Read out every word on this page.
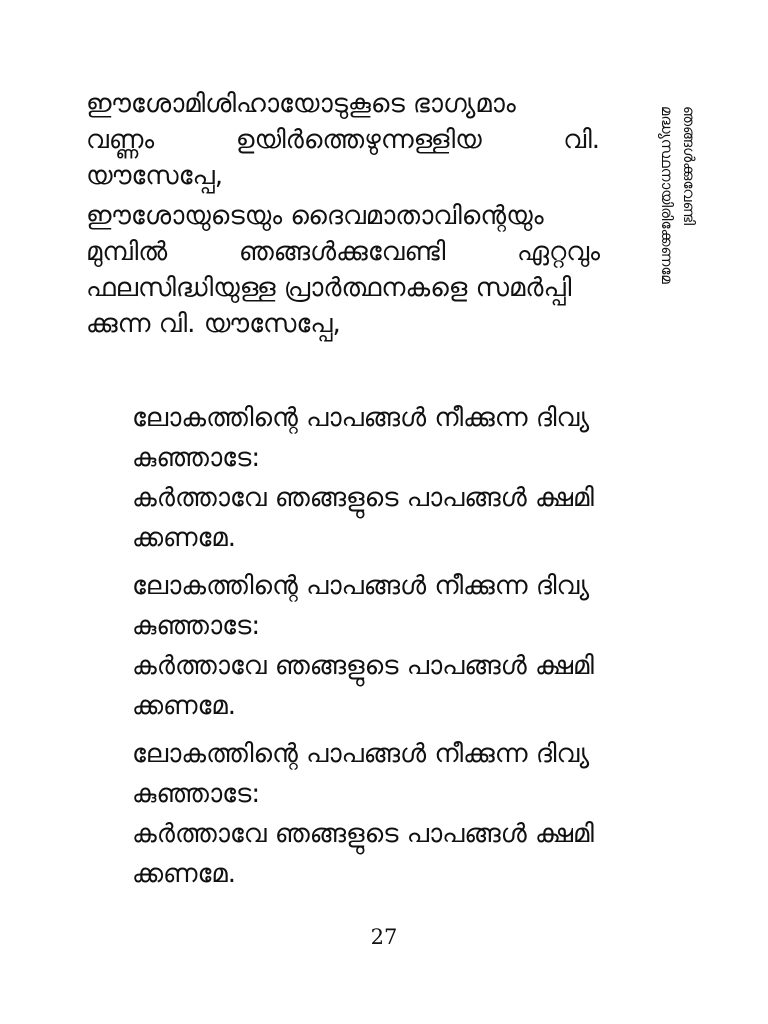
ഞങ്ങൾക്കുവേണ്ടി
മദ്ധ്യസ്ഥനായിരിക്കേണമേ
ഈശോമിശിഹായോടുകൂടെ ഭാഗ്യമാം
വണ്ണം	ഉയിർത്തെഴുന്നള്ളിയ	വി.
യൗസേപ്പേ,
ഈശോയുടെയും ദൈവമാതാവിന്റെയും
മുമ്പിൽ	ഞങ്ങൾക്കുവേണ്ടി	ഏറ്റവും
ഫലസിദ്ധിയുള്ള പ്രാർത്ഥനകളെ സമർപ്പി
ക്കുന്ന വി. യൗസേപ്പേ,
ലോകത്തിന്റെ പാപങ്ങൾ നീക്കുന്ന ദിവ്യ
കുഞ്ഞാടേ:
കർത്താവേ ഞങ്ങളുടെ പാപങ്ങൾ ക്ഷമി
ക്കണമേ.
ലോകത്തിന്റെ പാപങ്ങൾ നീക്കുന്ന ദിവ്യ
കുഞ്ഞാടേ:
കർത്താവേ ഞങ്ങളുടെ പാപങ്ങൾ ക്ഷമി
ക്കണമേ.
ലോകത്തിന്റെ പാപങ്ങൾ നീക്കുന്ന ദിവ്യ
കുഞ്ഞാടേ:
കർത്താവേ ഞങ്ങളുടെ പാപങ്ങൾ ക്ഷമി
ക്കണമേ.
27
